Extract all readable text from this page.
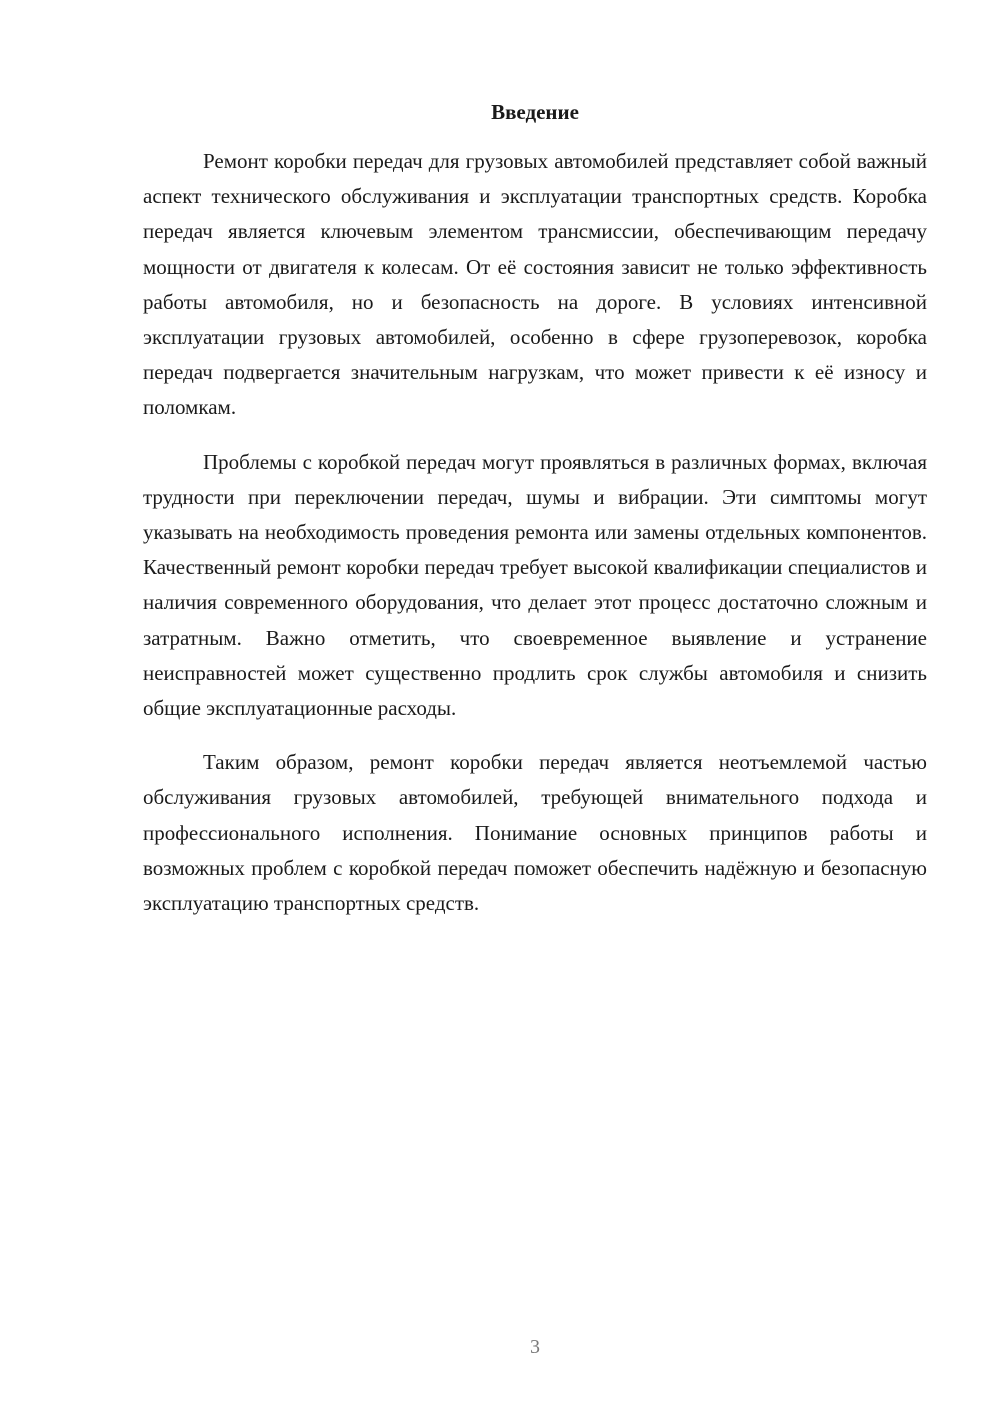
Введение

Ремонт коробки передач для грузовых автомобилей представляет собой важный аспект технического обслуживания и эксплуатации транспортных средств. Коробка передач является ключевым элементом трансмиссии, обеспечивающим передачу мощности от двигателя к колесам. От её состояния зависит не только эффективность работы автомобиля, но и безопасность на дороге. В условиях интенсивной эксплуатации грузовых автомобилей, особенно в сфере грузоперевозок, коробка передач подвергается значительным нагрузкам, что может привести к её износу и поломкам.

Проблемы с коробкой передач могут проявляться в различных формах, включая трудности при переключении передач, шумы и вибрации. Эти симптомы могут указывать на необходимость проведения ремонта или замены отдельных компонентов. Качественный ремонт коробки передач требует высокой квалификации специалистов и наличия современного оборудования, что делает этот процесс достаточно сложным и затратным. Важно отметить, что своевременное выявление и устранение неисправностей может существенно продлить срок службы автомобиля и снизить общие эксплуатационные расходы.

Таким образом, ремонт коробки передач является неотъемлемой частью обслуживания грузовых автомобилей, требующей внимательного подхода и профессионального исполнения. Понимание основных принципов работы и возможных проблем с коробкой передач поможет обеспечить надёжную и безопасную эксплуатацию транспортных средств.

3
